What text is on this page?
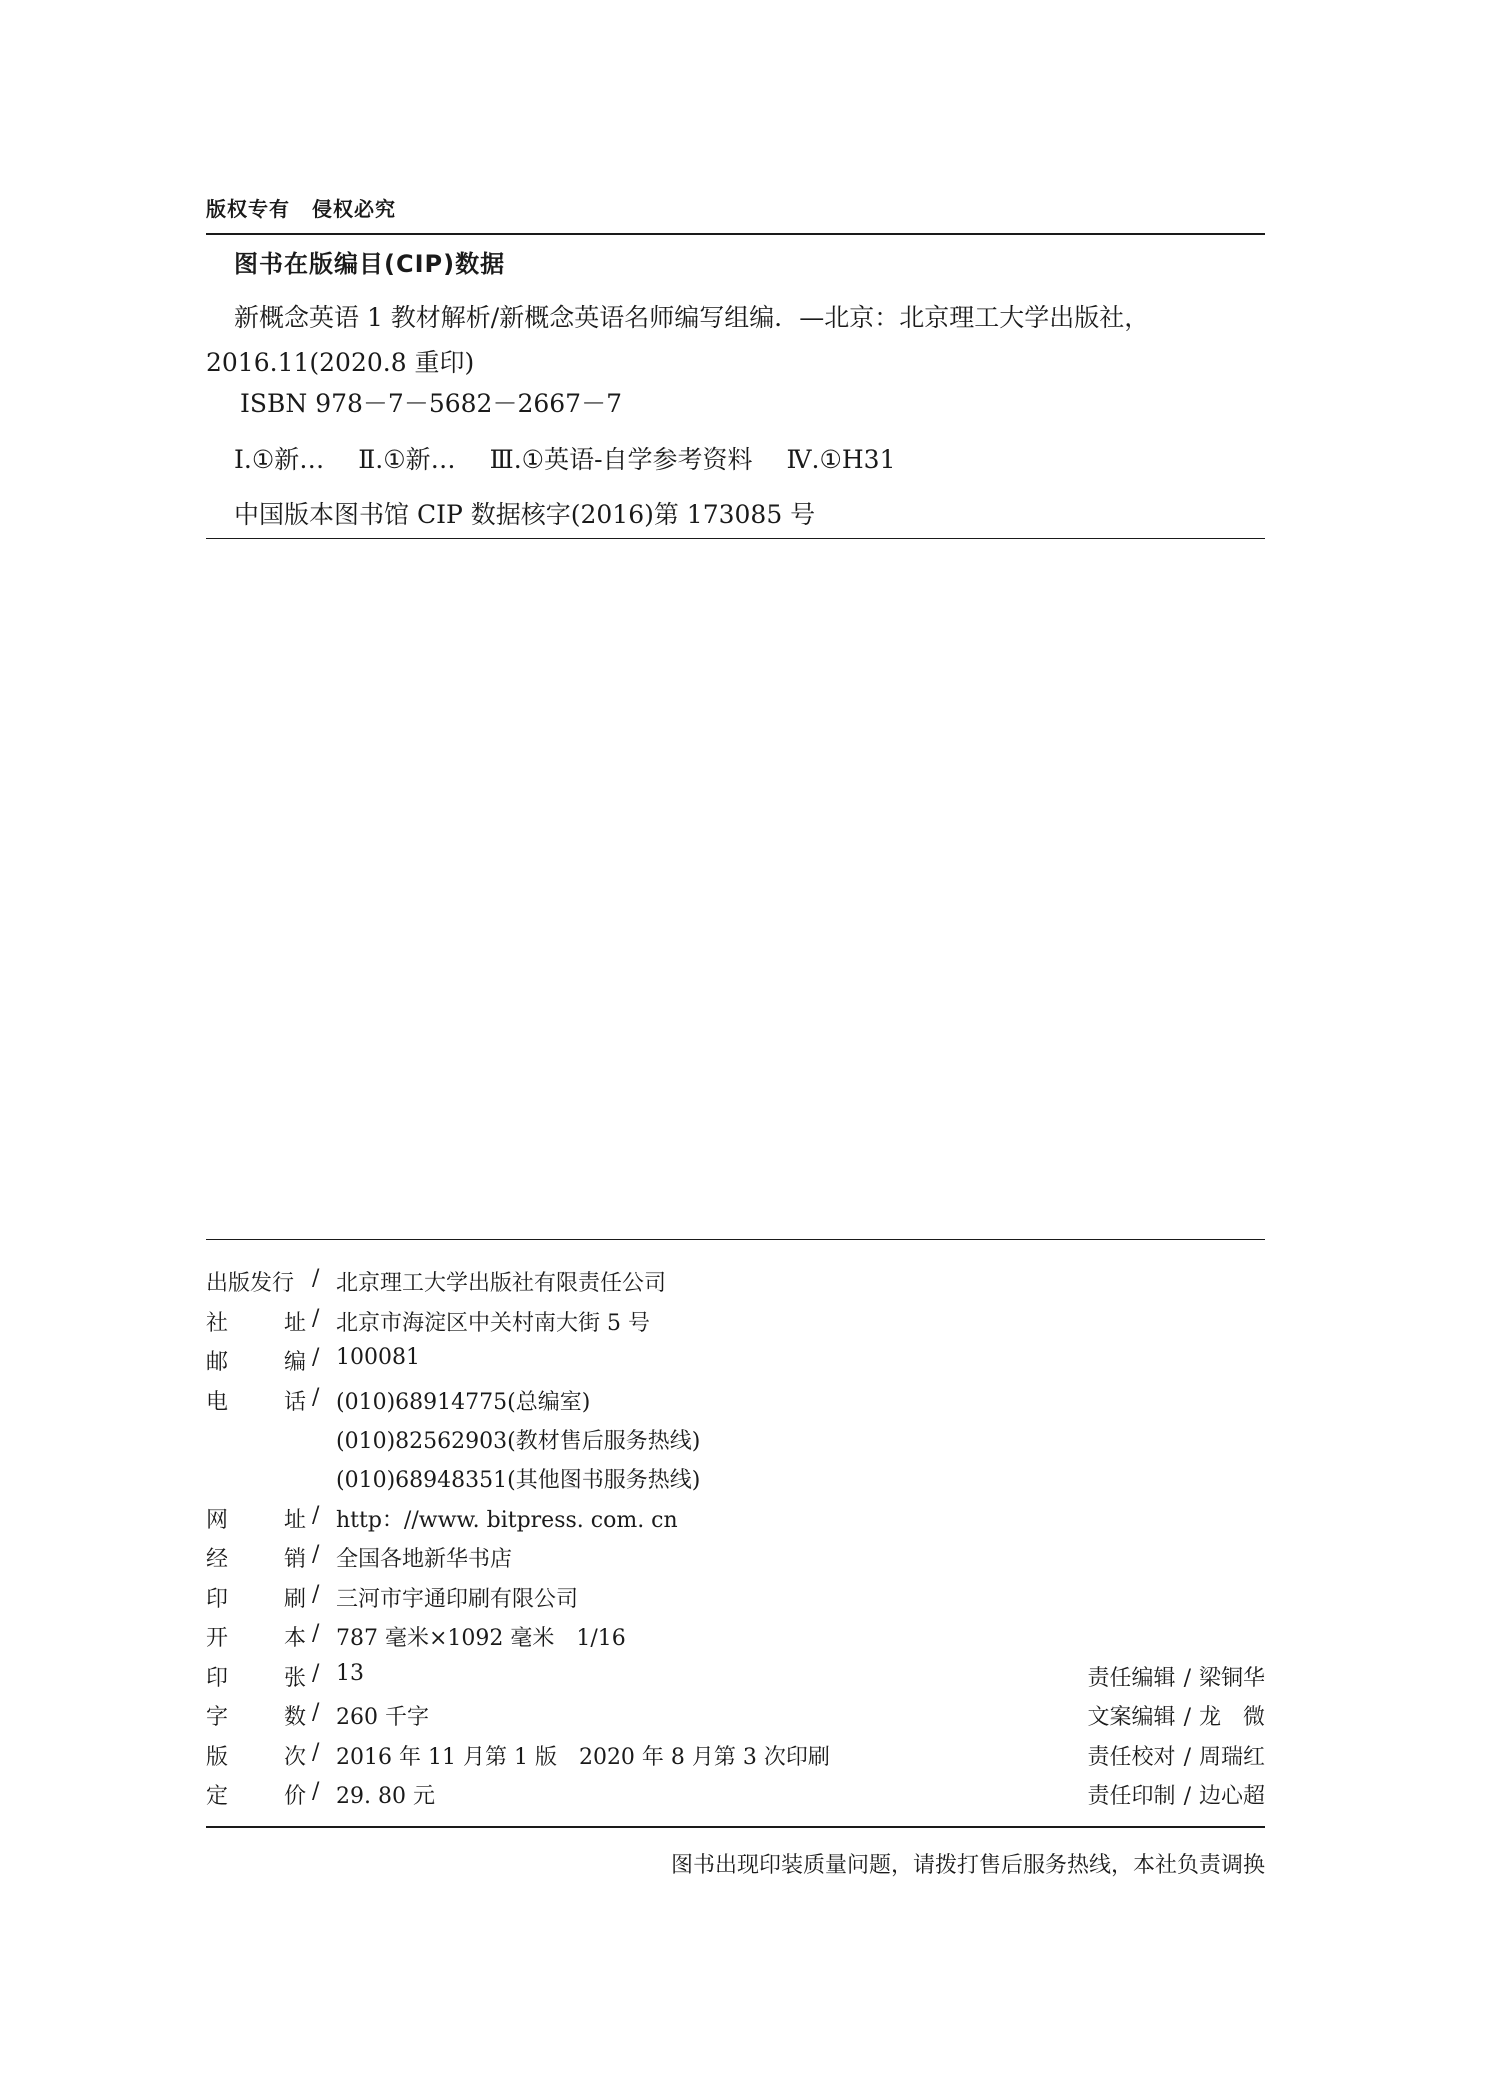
版权专有 侵权必究
图书在版编目(CIP)数据
新概念英语 1 教材解析/新概念英语名师编写组编．—北京：北京理工大学出版社，
2016.11(2020.8 重印)
ISBN 978－7－5682－2667－7
Ⅰ.①新… Ⅱ.①新… Ⅲ.①英语-自学参考资料 Ⅳ.①H31
中国版本图书馆 CIP 数据核字(2016)第 173085 号
出版发行 / 北京理工大学出版社有限责任公司
社	址 / 北京市海淀区中关村南大街 5 号
邮	编 / 100081
电	话 / (010)68914775(总编室)
(010)82562903(教材售后服务热线)
(010)68948351(其他图书服务热线)
网	址 / http：//www. bitpress. com. cn
经	销 / 全国各地新华书店
印	刷 / 三河市宇通印刷有限公司
开	本 / 787 毫米×1092 毫米　1/16
印	张 / 13	责任编辑 / 梁铜华
字	数 / 260 千字	文案编辑 / 龙　微
版	次 / 2016 年 11 月第 1 版　2020 年 8 月第 3 次印刷	责任校对 / 周瑞红
定	价 / 29. 80 元	责任印制 / 边心超
图书出现印装质量问题，请拨打售后服务热线，本社负责调换
